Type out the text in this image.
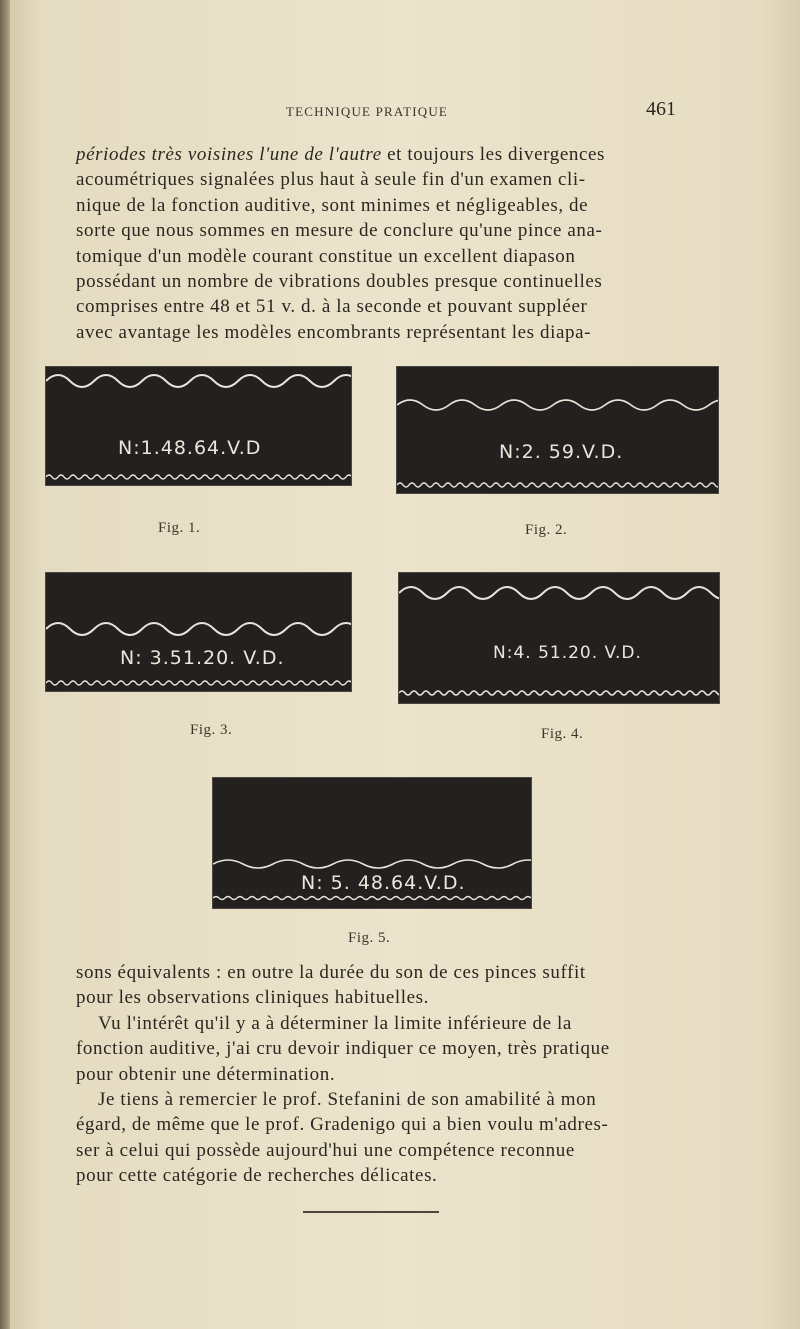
TECHNIQUE PRATIQUE	461

périodes très voisines l'une de l'autre et toujours les divergences
acoumétriques signalées plus haut à seule fin d'un examen cli-
nique de la fonction auditive, sont minimes et négligeables, de
sorte que nous sommes en mesure de conclure qu'une pince ana-
tomique d'un modèle courant constitue un excellent diapason
possédant un nombre de vibrations doubles presque continuelles
comprises entre 48 et 51 v. d. à la seconde et pouvant suppléer
avec avantage les modèles encombrants représentant les diapa-

N:1.48.64.V.D
Fig. 1.
N:2. 59.V.D.
Fig. 2.
N: 3.51.20. V.D.
Fig. 3.
N:4. 51.20. V.D.
Fig. 4.
N: 5. 48.64.V.D.
Fig. 5.

sons équivalents : en outre la durée du son de ces pinces suffit
pour les observations cliniques habituelles.
Vu l'intérêt qu'il y a à déterminer la limite inférieure de la
fonction auditive, j'ai cru devoir indiquer ce moyen, très pratique
pour obtenir une détermination.
Je tiens à remercier le prof. Stefanini de son amabilité à mon
égard, de même que le prof. Gradenigo qui a bien voulu m'adres-
ser à celui qui possède aujourd'hui une compétence reconnue
pour cette catégorie de recherches délicates.
